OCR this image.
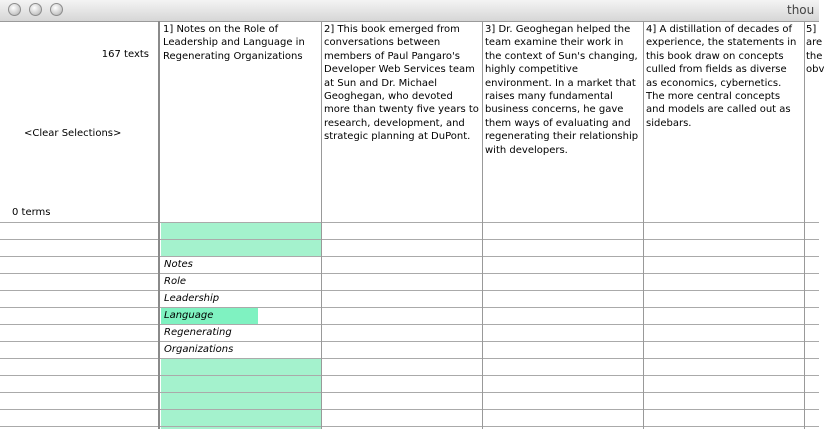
thou
167 texts
<Clear Selections>
0 terms
1] Notes on the Role of Leadership and Language in Regenerating Organizations
2] This book emerged from conversations between members of Paul Pangaro's Developer Web Services team at Sun and Dr. Michael Geoghegan, who devoted more than twenty five years to research, development, and strategic planning at DuPont.
3] Dr. Geoghegan helped the team examine their work in the context of Sun's changing, highly competitive environment. In a market that raises many fundamental business concerns, he gave them ways of evaluating and regenerating their relationship with developers.
4] A distillation of decades of experience, the statements in this book draw on concepts culled from fields as diverse as economics, cybernetics. The more central concepts and models are called out as sidebars.
5] are the obv
Notes
Role
Leadership
Language
Regenerating
Organizations
